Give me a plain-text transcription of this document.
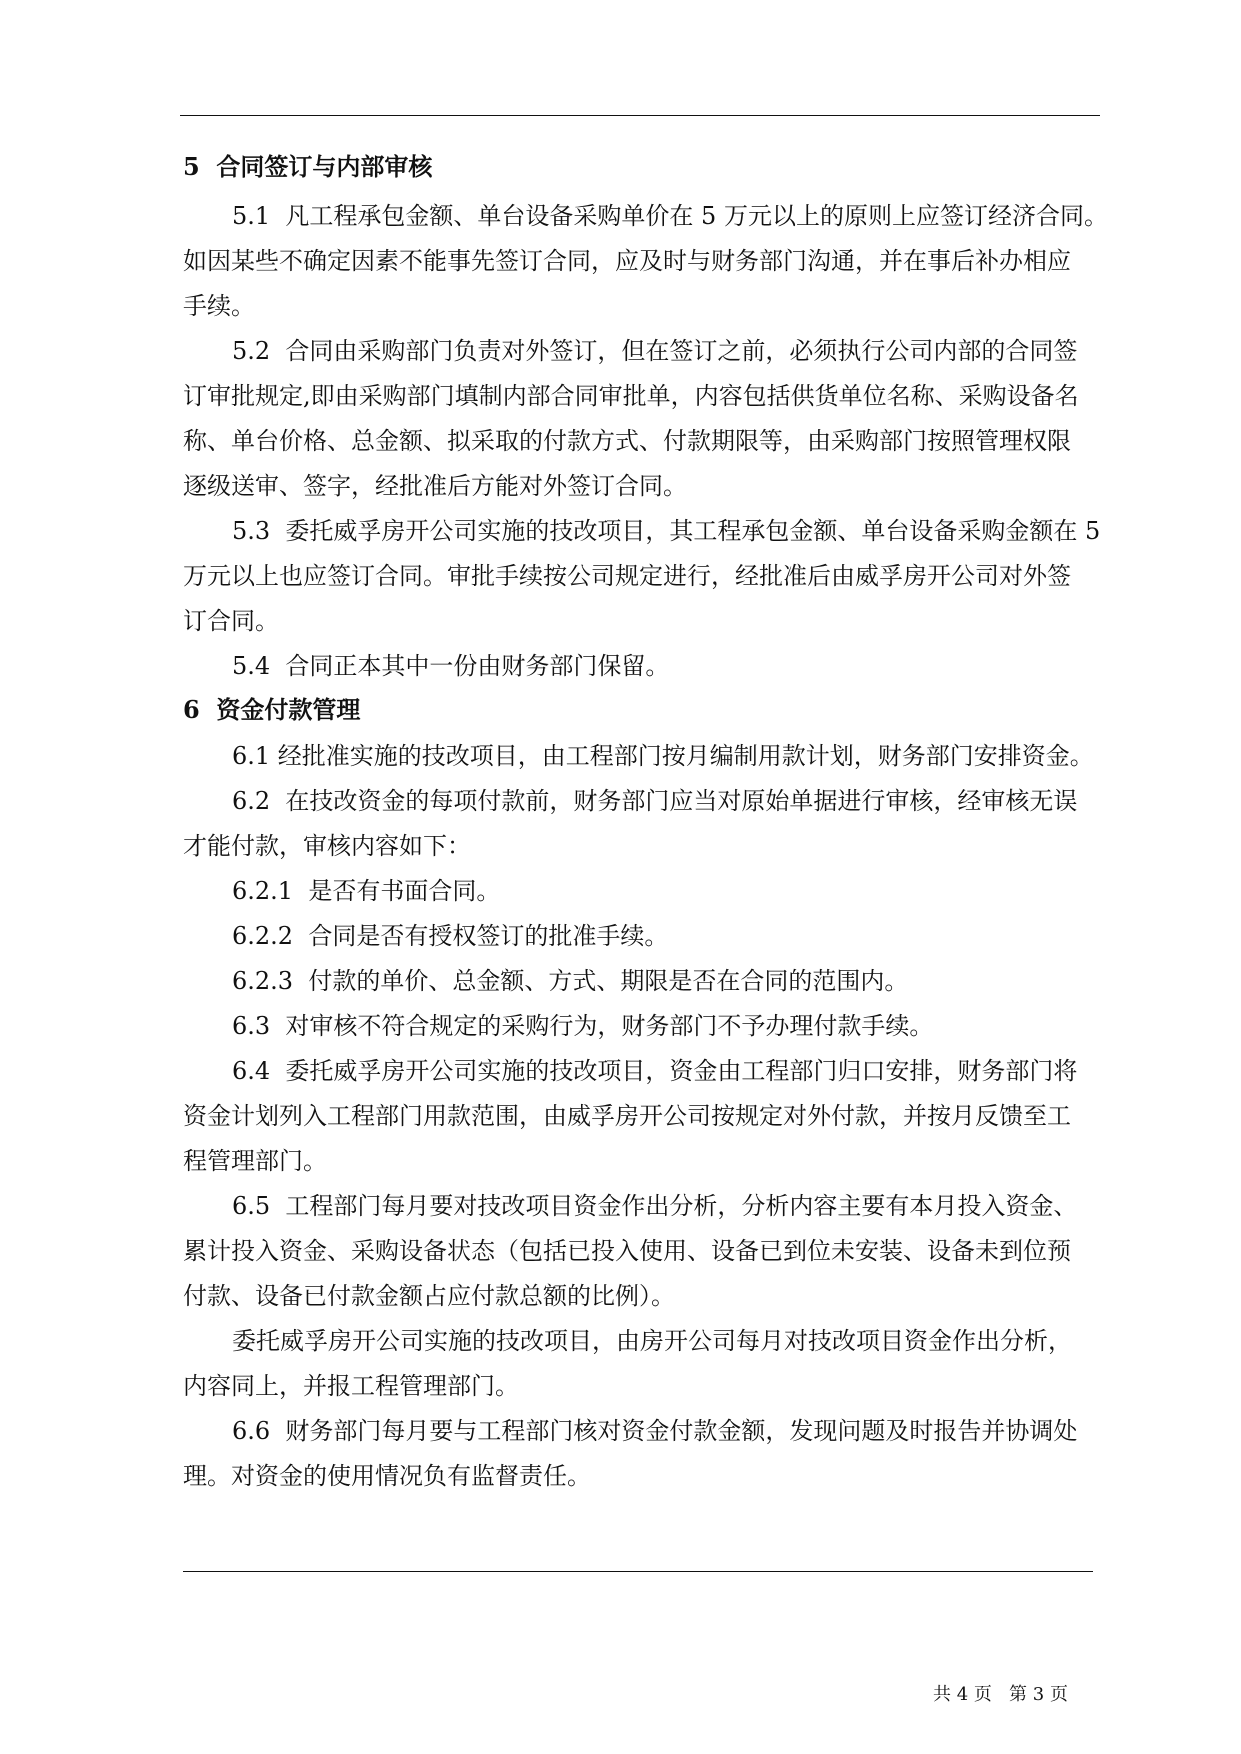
5  合同签订与内部审核
5.1  凡工程承包金额、单台设备采购单价在 5 万元以上的原则上应签订经济合同。
如因某些不确定因素不能事先签订合同，应及时与财务部门沟通，并在事后补办相应
手续。
5.2  合同由采购部门负责对外签订，但在签订之前，必须执行公司内部的合同签
订审批规定,即由采购部门填制内部合同审批单，内容包括供货单位名称、采购设备名
称、单台价格、总金额、拟采取的付款方式、付款期限等，由采购部门按照管理权限
逐级送审、签字，经批准后方能对外签订合同。
5.3  委托威孚房开公司实施的技改项目，其工程承包金额、单台设备采购金额在 5
万元以上也应签订合同。审批手续按公司规定进行，经批准后由威孚房开公司对外签
订合同。
5.4  合同正本其中一份由财务部门保留。
6  资金付款管理
6.1 经批准实施的技改项目，由工程部门按月编制用款计划，财务部门安排资金。
6.2  在技改资金的每项付款前，财务部门应当对原始单据进行审核，经审核无误
才能付款，审核内容如下：
6.2.1  是否有书面合同。
6.2.2  合同是否有授权签订的批准手续。
6.2.3  付款的单价、总金额、方式、期限是否在合同的范围内。
6.3  对审核不符合规定的采购行为，财务部门不予办理付款手续。
6.4  委托威孚房开公司实施的技改项目，资金由工程部门归口安排，财务部门将
资金计划列入工程部门用款范围，由威孚房开公司按规定对外付款，并按月反馈至工
程管理部门。
6.5  工程部门每月要对技改项目资金作出分析，分析内容主要有本月投入资金、
累计投入资金、采购设备状态（包括已投入使用、设备已到位未安装、设备未到位预
付款、设备已付款金额占应付款总额的比例）。
委托威孚房开公司实施的技改项目，由房开公司每月对技改项目资金作出分析，
内容同上，并报工程管理部门。
6.6  财务部门每月要与工程部门核对资金付款金额，发现问题及时报告并协调处
理。对资金的使用情况负有监督责任。
共 4 页   第 3 页
